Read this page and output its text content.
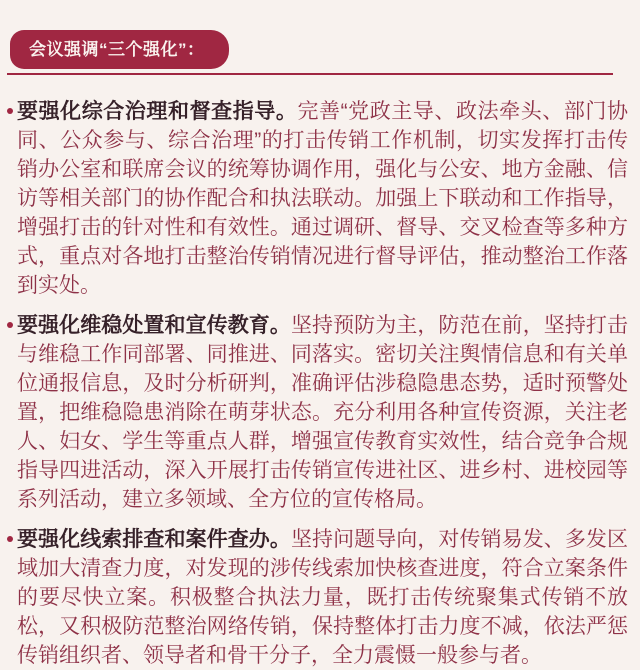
会议强调“三个强化”：
要强化综合治理和督查指导。完善“党政主导、政法牵头、部门协同、公众参与、综合治理”的打击传销工作机制，切实发挥打击传销办公室和联席会议的统筹协调作用，强化与公安、地方金融、信访等相关部门的协作配合和执法联动。加强上下联动和工作指导，增强打击的针对性和有效性。通过调研、督导、交叉检查等多种方式，重点对各地打击整治传销情况进行督导评估，推动整治工作落到实处。
要强化维稳处置和宣传教育。坚持预防为主，防范在前，坚持打击与维稳工作同部署、同推进、同落实。密切关注舆情信息和有关单位通报信息，及时分析研判，准确评估涉稳隐患态势，适时预警处置，把维稳隐患消除在萌芽状态。充分利用各种宣传资源，关注老人、妇女、学生等重点人群，增强宣传教育实效性，结合竞争合规指导四进活动，深入开展打击传销宣传进社区、进乡村、进校园等系列活动，建立多领域、全方位的宣传格局。
要强化线索排查和案件查办。坚持问题导向，对传销易发、多发区域加大清查力度，对发现的涉传线索加快核查进度，符合立案条件的要尽快立案。积极整合执法力量，既打击传统聚集式传销不放松，又积极防范整治网络传销，保持整体打击力度不减，依法严惩传销组织者、领导者和骨干分子，全力震慑一般参与者。
